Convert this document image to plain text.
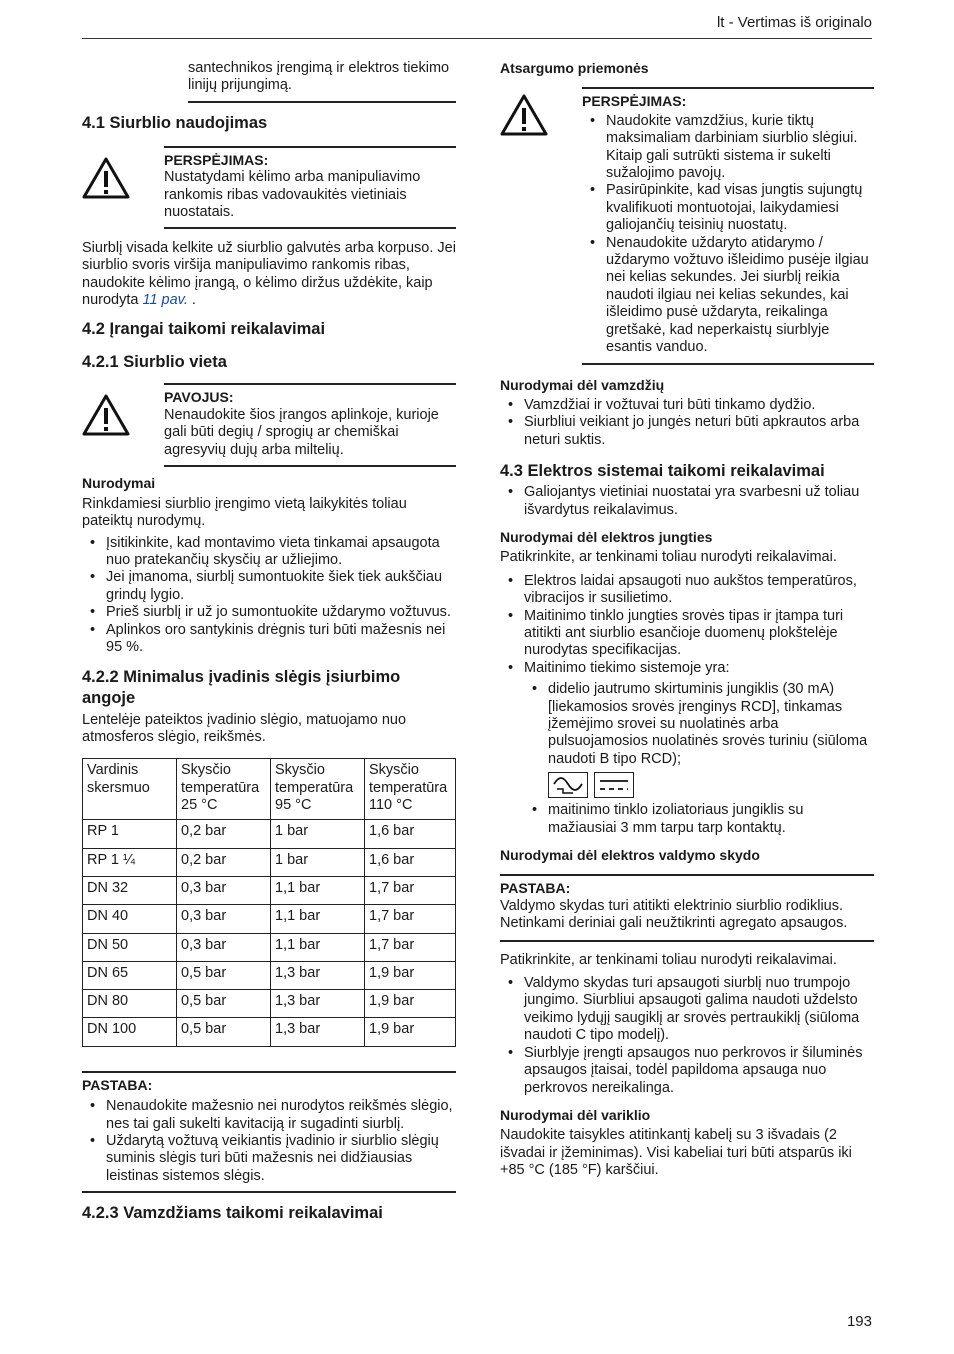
lt - Vertimas iš originalo

santechnikos įrengimą ir elektros tiekimo linijų prijungimą.

4.1 Siurblio naudojimas
PERSPĖJIMAS:

Nustatydami kėlimo arba manipuliavimo rankomis ribas vadovaukitės vietiniais nuostatais.

Siurblį visada kelkite už siurblio galvutės arba korpuso. Jei siurblio svoris viršija manipuliavimo rankomis ribas, naudokite kėlimo įrangą, o kėlimo diržus uždėkite, kaip nurodyta 11 pav. .

4.2 Įrangai taikomi reikalavimai
4.2.1 Siurblio vieta
PAVOJUS:

Nenaudokite šios įrangos aplinkoje, kurioje gali būti degių / sprogių ar chemiškai agresyvių dujų arba miltelių.

Nurodymai

Rinkdamiesi siurblio įrengimo vietą laikykitės toliau pateiktų nurodymų.

• Įsitikinkite, kad montavimo vieta tinkamai apsaugota nuo pratekančių skysčių ar užliejimo.
• Jei įmanoma, siurblį sumontuokite šiek tiek aukščiau grindų lygio.
• Prieš siurblį ir už jo sumontuokite uždarymo vožtuvus.
• Aplinkos oro santykinis drėgnis turi būti mažesnis nei 95 %.
4.2.2 Minimalus įvadinis slėgis įsiurbimo angoje

Lentelėje pateiktos įvadinio slėgio, matuojamo nuo atmosferos slėgio, reikšmės.

Vardinis skersmuo	Skysčio temperatūra 25 °C	Skysčio temperatūra 95 °C	Skysčio temperatūra 110 °C
RP 1	0,2 bar	1 bar	1,6 bar
RP 1 ¼	0,2 bar	1 bar	1,6 bar
DN 32	0,3 bar	1,1 bar	1,7 bar
DN 40	0,3 bar	1,1 bar	1,7 bar
DN 50	0,3 bar	1,1 bar	1,7 bar
DN 65	0,5 bar	1,3 bar	1,9 bar
DN 80	0,5 bar	1,3 bar	1,9 bar
DN 100	0,5 bar	1,3 bar	1,9 bar
PASTABA:
• Nenaudokite mažesnio nei nurodytos reikšmės slėgio, nes tai gali sukelti kavitaciją ir sugadinti siurblį.
• Uždarytą vožtuvą veikiantis įvadinio ir siurblio slėgių suminis slėgis turi būti mažesnis nei didžiausias leistinas sistemos slėgis.
4.2.3 Vamzdžiams taikomi reikalavimai
Atsargumo priemonės
PERSPĖJIMAS:
• Naudokite vamzdžius, kurie tiktų maksimaliam darbiniam siurblio slėgiui. Kitaip gali sutrūkti sistema ir sukelti sužalojimo pavojų.
• Pasirūpinkite, kad visas jungtis sujungtų kvalifikuoti montuotojai, laikydamiesi galiojančių teisinių nuostatų.
• Nenaudokite uždaryto atidarymo / uždarymo vožtuvo išleidimo pusėje ilgiau nei kelias sekundes. Jei siurblį reikia naudoti ilgiau nei kelias sekundes, kai išleidimo pusė uždaryta, reikalinga gretšakė, kad neperkaistų siurblyje esantis vanduo.
Nurodymai dėl vamzdžių
• Vamzdžiai ir vožtuvai turi būti tinkamo dydžio.
• Siurbliui veikiant jo jungės neturi būti apkrautos arba neturi suktis.
4.3 Elektros sistemai taikomi reikalavimai
• Galiojantys vietiniai nuostatai yra svarbesni už toliau išvardytus reikalavimus.
Nurodymai dėl elektros jungties

Patikrinkite, ar tenkinami toliau nurodyti reikalavimai.

• Elektros laidai apsaugoti nuo aukštos temperatūros, vibracijos ir susilietimo.
• Maitinimo tinklo jungties srovės tipas ir įtampa turi atitikti ant siurblio esančioje duomenų plokštelėje nurodytas specifikacijas.
• Maitinimo tiekimo sistemoje yra:
• didelio jautrumo skirtuminis jungiklis (30 mA) [liekamosios srovės įrenginys RCD], tinkamas įžemėjimo srovei su nuolatinės arba pulsuojamosios nuolatinės srovės turiniu (siūloma naudoti B tipo RCD);
• maitinimo tinklo izoliatoriaus jungiklis su mažiausiai 3 mm tarpu tarp kontaktų.
Nurodymai dėl elektros valdymo skydo
PASTABA:

Valdymo skydas turi atitikti elektrinio siurblio rodiklius. Netinkami deriniai gali neužtikrinti agregato apsaugos.

Patikrinkite, ar tenkinami toliau nurodyti reikalavimai.

• Valdymo skydas turi apsaugoti siurblį nuo trumpojo jungimo. Siurbliui apsaugoti galima naudoti uždelsto veikimo lydųjį saugiklį ar srovės pertraukiklį (siūloma naudoti C tipo modelį).
• Siurblyje įrengti apsaugos nuo perkrovos ir šiluminės apsaugos įtaisai, todėl papildoma apsauga nuo perkrovos nereikalinga.
Nurodymai dėl variklio

Naudokite taisykles atitinkantį kabelį su 3 išvadais (2 išvadai ir įžeminimas). Visi kabeliai turi būti atsparūs iki +85 °C (185 °F) karščiui.

193
